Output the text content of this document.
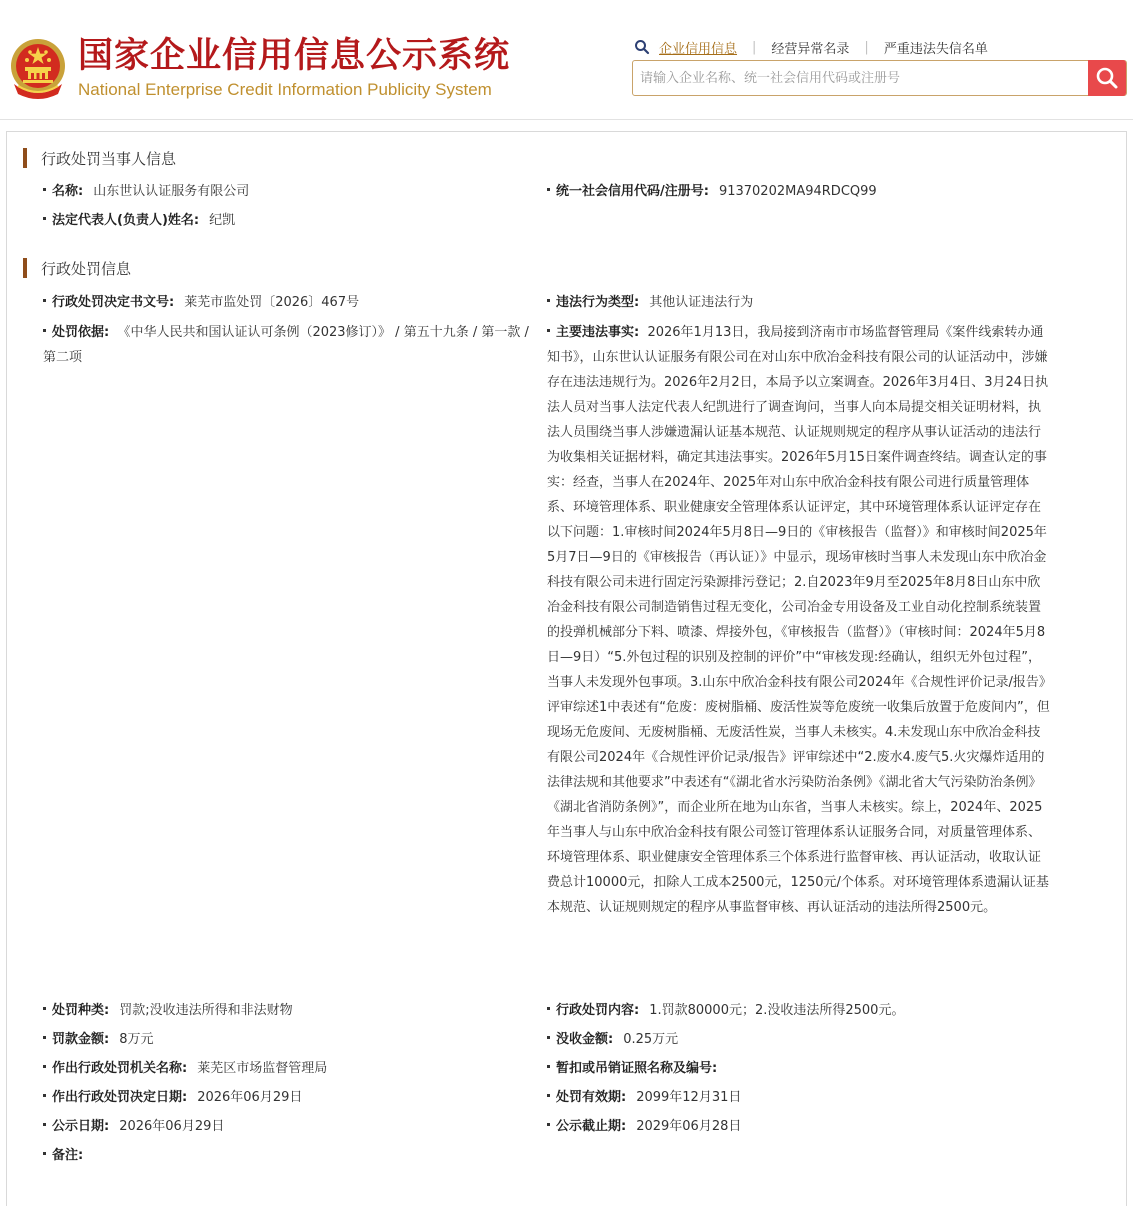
国家企业信用信息公示系统
National Enterprise Credit Information Publicity System
企业信用信息 | 经营异常名录 | 严重违法失信名单
请输入企业名称、统一社会信用代码或注册号
行政处罚当事人信息
名称: 山东世认认证服务有限公司	统一社会信用代码/注册号: 91370202MA94RDCQ99
法定代表人(负责人)姓名: 纪凯
行政处罚信息
行政处罚决定书文号: 莱芜市监处罚〔2026〕467号	违法行为类型: 其他认证违法行为
处罚依据: 《中华人民共和国认证认可条例（2023修订）》 / 第五十九条 / 第一款 / 第二项
主要违法事实: 2026年1月13日，我局接到济南市市场监督管理局《案件线索转办通知书》，山东世认认证服务有限公司在对山东中欣冶金科技有限公司的认证活动中，涉嫌存在违法违规行为。2026年2月2日，本局予以立案调查。2026年3月4日、3月24日执法人员对当事人法定代表人纪凯进行了调查询问，当事人向本局提交相关证明材料，执法人员围绕当事人涉嫌遗漏认证基本规范、认证规则规定的程序从事认证活动的违法行为收集相关证据材料，确定其违法事实。2026年5月15日案件调查终结。调查认定的事实：经查，当事人在2024年、2025年对山东中欣冶金科技有限公司进行质量管理体系、环境管理体系、职业健康安全管理体系认证评定，其中环境管理体系认证评定存在以下问题：1.审核时间2024年5月8日—9日的《审核报告（监督）》和审核时间2025年5月7日—9日的《审核报告（再认证）》中显示，现场审核时当事人未发现山东中欣冶金科技有限公司未进行固定污染源排污登记；2.自2023年9月至2025年8月8日山东中欣冶金科技有限公司制造销售过程无变化，公司冶金专用设备及工业自动化控制系统装置的投弹机械部分下料、喷漆、焊接外包，《审核报告（监督）》（审核时间：2024年5月8日—9日）“5.外包过程的识别及控制的评价”中“审核发现:经确认，组织无外包过程”，当事人未发现外包事项。3.山东中欣冶金科技有限公司2024年《合规性评价记录/报告》评审综述1中表述有“危废：废树脂桶、废活性炭等危废统一收集后放置于危废间内”，但现场无危废间、无废树脂桶、无废活性炭，当事人未核实。4.未发现山东中欣冶金科技有限公司2024年《合规性评价记录/报告》评审综述中“2.废水4.废气5.火灾爆炸适用的法律法规和其他要求”中表述有“《湖北省水污染防治条例》《湖北省大气污染防治条例》《湖北省消防条例》”，而企业所在地为山东省，当事人未核实。综上，2024年、2025年当事人与山东中欣冶金科技有限公司签订管理体系认证服务合同，对质量管理体系、环境管理体系、职业健康安全管理体系三个体系进行监督审核、再认证活动，收取认证费总计10000元，扣除人工成本2500元，1250元/个体系。对环境管理体系遗漏认证基本规范、认证规则规定的程序从事监督审核、再认证活动的违法所得2500元。
处罚种类: 罚款;没收违法所得和非法财物	行政处罚内容: 1.罚款80000元；2.没收违法所得2500元。
罚款金额: 8万元	没收金额: 0.25万元
作出行政处罚机关名称: 莱芜区市场监督管理局	暂扣或吊销证照名称及编号:
作出行政处罚决定日期: 2026年06月29日	处罚有效期: 2099年12月31日
公示日期: 2026年06月29日	公示截止期: 2029年06月28日
备注:
